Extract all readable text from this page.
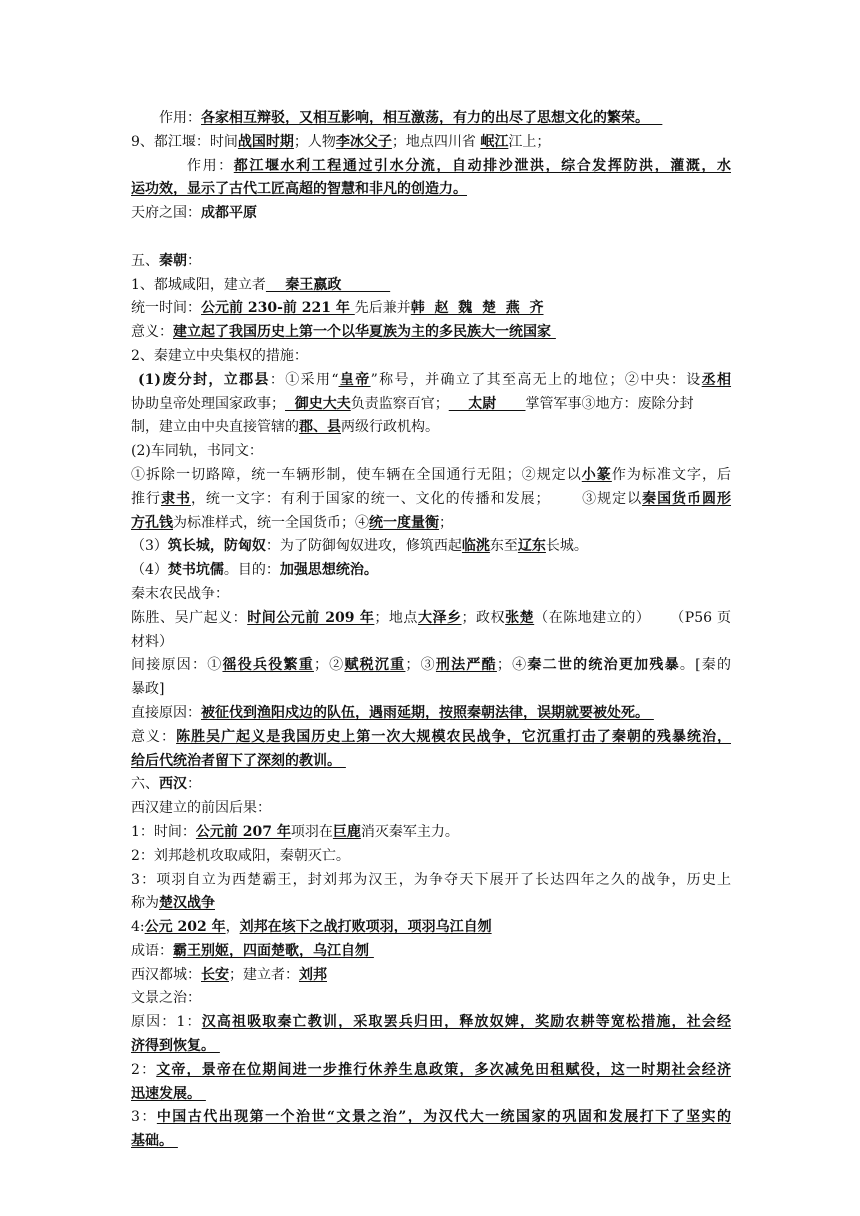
作用：各家相互辩驳，又相互影响，相互激荡，有力的出尽了思想文化的繁荣。
9、都江堰：时间战国时期；人物李冰父子；地点四川省 岷江江上；
作用：都江堰水利工程通过引水分流，自动排沙泄洪，综合发挥防洪，灌溉，水
运功效，显示了古代工匠高超的智慧和非凡的创造力。
天府之国：成都平原
五、秦朝：
1、都城咸阳，建立者    秦王嬴政
统一时间：公元前 230-前 221 年 先后兼并韩  赵  魏  楚  燕  齐
意义：建立起了我国历史上第一个以华夏族为主的多民族大一统国家
2、秦建立中央集权的措施：
(1)废分封，立郡县：①采用“皇帝”称号，并确立了其至高无上的地位；②中央：设丞相
协助皇帝处理国家政事；  御史大夫负责监察百官；    太尉      掌管军事③地方：废除分封
制，建立由中央直接管辖的郡、县两级行政机构。
(2)车同轨，书同文：
①拆除一切路障，统一车辆形制，使车辆在全国通行无阻；②规定以小篆作为标准文字，后
推行隶书，统一文字：有利于国家的统一、文化的传播和发展；      ③规定以秦国货币圆形
方孔钱为标准样式，统一全国货币；④统一度量衡；
（3）筑长城，防匈奴：为了防御匈奴进攻，修筑西起临洮东至辽东长城。
（4）焚书坑儒。目的：加强思想统治。
秦末农民战争：
陈胜、吴广起义：时间公元前 209 年；地点大泽乡；政权张楚（在陈地建立的）    （P56 页
材料）
间接原因：①徭役兵役繁重；②赋税沉重；③刑法严酷；④秦二世的统治更加残暴。[秦的
暴政]
直接原因：被征伐到渔阳戍边的队伍，遇雨延期，按照秦朝法律，误期就要被处死。
意义：陈胜吴广起义是我国历史上第一次大规模农民战争，它沉重打击了秦朝的残暴统治，
给后代统治者留下了深刻的教训。
六、西汉：
西汉建立的前因后果：
1：时间：公元前 207 年项羽在巨鹿消灭秦军主力。
2：刘邦趁机攻取咸阳，秦朝灭亡。
3：项羽自立为西楚霸王，封刘邦为汉王，为争夺天下展开了长达四年之久的战争，历史上
称为楚汉战争
4:公元 202 年，刘邦在垓下之战打败项羽，项羽乌江自刎
成语：霸王别姬，四面楚歌，乌江自刎
西汉都城：长安；建立者：刘邦
文景之治：
原因：1：汉高祖吸取秦亡教训，采取罢兵归田，释放奴婢，奖励农耕等宽松措施，社会经
济得到恢复。
2：文帝，景帝在位期间进一步推行休养生息政策，多次减免田租赋役，这一时期社会经济
迅速发展。
3：中国古代出现第一个治世“文景之治”，为汉代大一统国家的巩固和发展打下了坚实的
基础。
